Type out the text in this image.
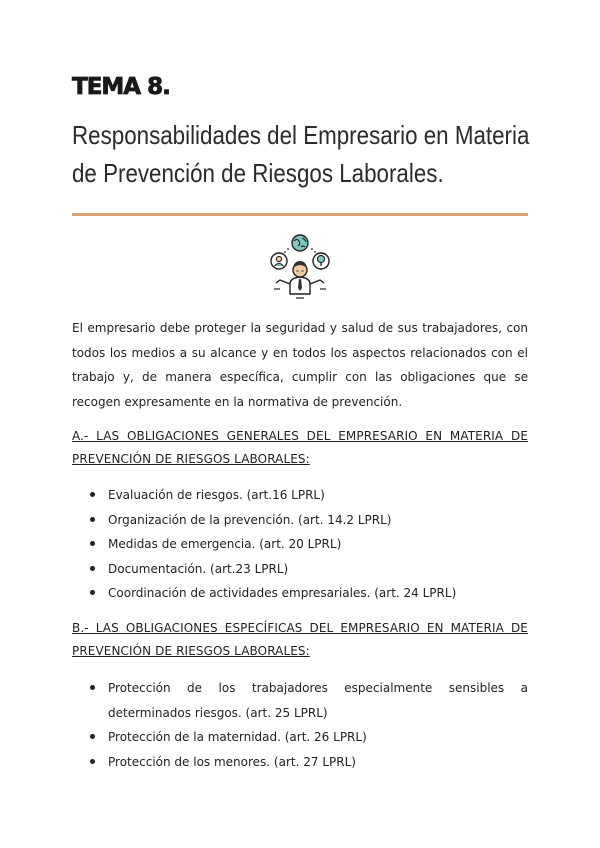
TEMA 8.
Responsabilidades del Empresario en Materia de Prevención de Riesgos Laborales.
El empresario debe proteger la seguridad y salud de sus trabajadores, con todos los medios a su alcance y en todos los aspectos relacionados con el trabajo y, de manera específica, cumplir con las obligaciones que se recogen expresamente en la normativa de prevención.
A.- LAS OBLIGACIONES GENERALES DEL EMPRESARIO EN MATERIA DE PREVENCIÓN DE RIESGOS LABORALES:
Evaluación de riesgos. (art.16 LPRL)
Organización de la prevención. (art. 14.2 LPRL)
Medidas de emergencia. (art. 20 LPRL)
Documentación. (art.23 LPRL)
Coordinación de actividades empresariales. (art. 24 LPRL)
B.- LAS OBLIGACIONES ESPECÍFICAS DEL EMPRESARIO EN MATERIA DE PREVENCIÓN DE RIESGOS LABORALES:
Protección de los trabajadores especialmente sensibles a determinados riesgos. (art. 25 LPRL)
Protección de la maternidad. (art. 26 LPRL)
Protección de los menores. (art. 27 LPRL)
